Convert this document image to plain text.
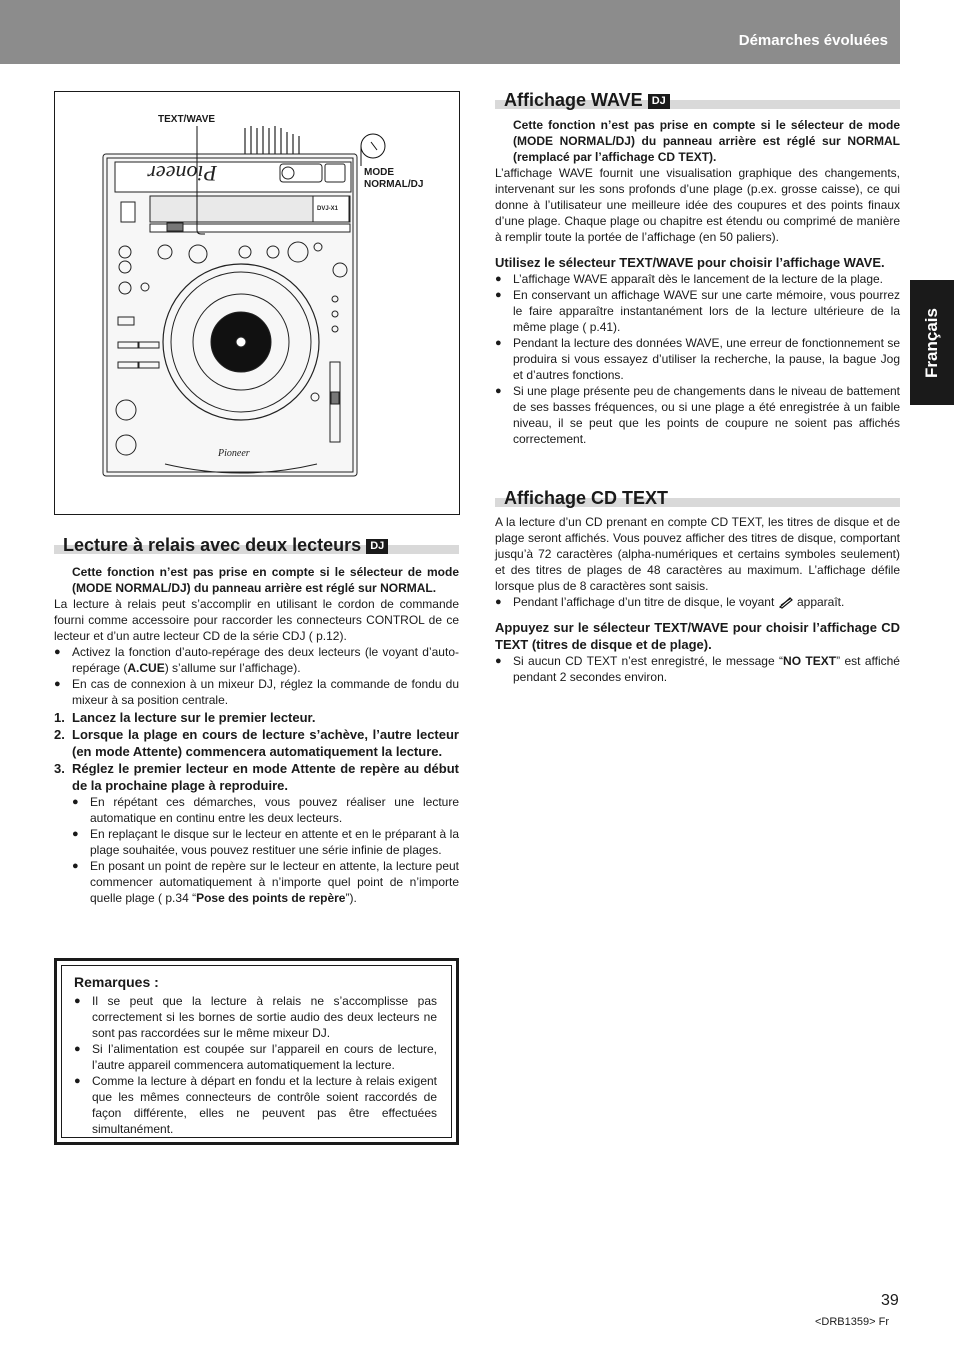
Démarches évoluées
Français
Pioneer
Pioneer
DVJ-X1
TEXT/WAVE
MODE
NORMAL/DJ
Lecture à relais avec deux lecteurs DJ

Cette fonction n’est pas prise en compte si le sélecteur de mode (MODE NORMAL/DJ) du panneau arrière est réglé sur NORMAL.

La lecture à relais peut s’accomplir en utilisant le cordon de commande fourni comme accessoire pour raccorder les connecteurs CONTROL de ce lecteur et d’un autre lecteur CD de la série CDJ ( p.12).

● Activez la fonction d’auto-repérage des deux lecteurs (le voyant d’auto-repérage (A.CUE) s’allume sur l’affichage).

● En cas de connexion à un mixeur DJ, réglez la commande de fondu du mixeur à sa position centrale.

1. Lancez la lecture sur le premier lecteur.
2. Lorsque la plage en cours de lecture s’achève, l’autre lecteur (en mode Attente) commencera automatiquement la lecture.
3. Réglez le premier lecteur en mode Attente de repère au début de la prochaine plage à reproduire.

● En répétant ces démarches, vous pouvez réaliser une lecture automatique en continu entre les deux lecteurs.

● En replaçant le disque sur le lecteur en attente et en le préparant à la plage souhaitée, vous pouvez restituer une série infinie de plages.

● En posant un point de repère sur le lecteur en attente, la lecture peut commencer automatiquement à n’importe quel point de n’importe quelle plage ( p.34 “Pose des points de repère”).

Remarques :

● Il se peut que la lecture à relais ne s’accomplisse pas correctement si les bornes de sortie audio des deux lecteurs ne sont pas raccordées sur le même mixeur DJ.

● Si l’alimentation est coupée sur l’appareil en cours de lecture, l’autre appareil commencera automatiquement la lecture.

● Comme la lecture à départ en fondu et la lecture à relais exigent que les mêmes connecteurs de contrôle soient raccordés de façon différente, elles ne peuvent pas être effectuées simultanément.

Affichage WAVE DJ

Cette fonction n’est pas prise en compte si le sélecteur de mode (MODE NORMAL/DJ) du panneau arrière est réglé sur NORMAL (remplacé par l’affichage CD TEXT).

L’affichage WAVE fournit une visualisation graphique des changements, intervenant sur les sons profonds d’une plage (p.ex. grosse caisse), ce qui donne à l’utilisateur une meilleure idée des coupures et des points finaux d’une plage. Chaque plage ou chapitre est étendu ou comprimé de manière à remplir toute la portée de l’affichage (en 50 paliers).

Utilisez le sélecteur TEXT/WAVE pour choisir l’affichage WAVE.

● L’affichage WAVE apparaît dès le lancement de la lecture de la plage.

● En conservant un affichage WAVE sur une carte mémoire, vous pourrez le faire apparaître instantanément lors de la lecture ultérieure de la même plage ( p.41).

● Pendant la lecture des données WAVE, une erreur de fonctionnement se produira si vous essayez d’utiliser la recherche, la pause, la bague Jog et d’autres fonctions.

● Si une plage présente peu de changements dans le niveau de battement de ses basses fréquences, ou si une plage a été enregistrée à un faible niveau, il se peut que les points de coupure ne soient pas affichés correctement.

Affichage CD TEXT

A la lecture d’un CD prenant en compte CD TEXT, les titres de disque et de plage seront affichés. Vous pouvez afficher des titres de disque, comportant jusqu’à 72 caractères (alpha-numériques et certains symboles seulement) et des titres de plages de 48 caractères au maximum. L’affichage défile lorsque plus de 8 caractères sont saisis.

● Pendant l’affichage d’un titre de disque, le voyant apparaît.

Appuyez sur le sélecteur TEXT/WAVE pour choisir l’affichage CD TEXT (titres de disque et de plage).

● Si aucun CD TEXT n’est enregistré, le message “NO TEXT” est affiché pendant 2 secondes environ.

39
<DRB1359> Fr
